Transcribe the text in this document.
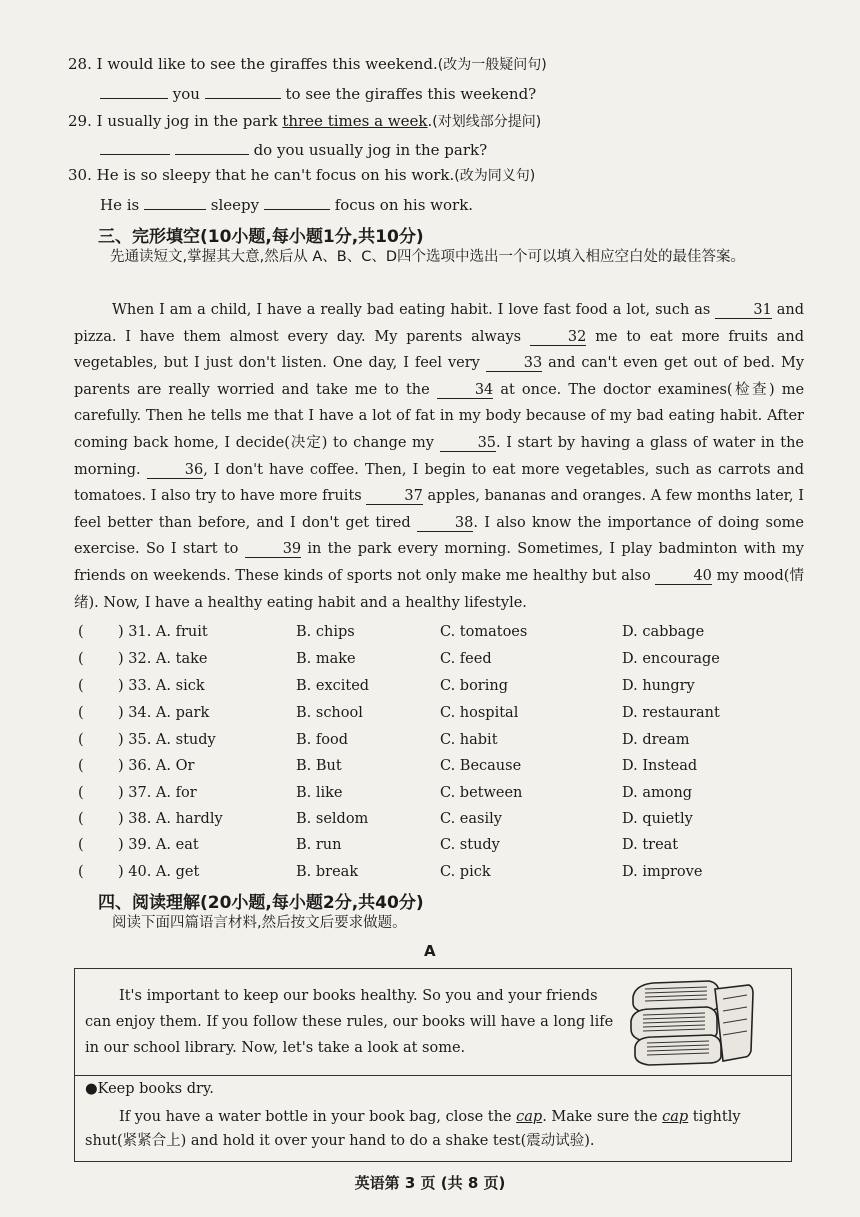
28. I would like to see the giraffes this weekend.(改为一般疑问句)
you	to see the giraffes this weekend?
29. I usually jog in the park three times a week.(对划线部分提问)
do you usually jog in the park?
30. He is so sleepy that he can't focus on his work.(改为同义句)
He is	sleepy	focus on his work.
三、完形填空(10小题,每小题1分,共10分)
先通读短文,掌握其大意,然后从 A、B、C、D四个选项中选出一个可以填入相应空白处的最佳答案。
When I am a child, I have a really bad eating habit. I love fast food a lot, such as	31 and pizza. I have them almost every day. My parents always	32 me to eat more fruits and vegetables, but I just don't listen. One day, I feel very	33 and can't even get out of bed. My parents are really worried and take me to the	34 at once. The doctor examines(检查) me carefully. Then he tells me that I have a lot of fat in my body because of my bad eating habit. After coming back home, I decide(决定) to change my	35. I start by having a glass of water in the morning.	36, I don't have coffee. Then, I begin to eat more vegetables, such as carrots and tomatoes. I also try to have more fruits	37 apples, bananas and oranges. A few months later, I feel better than before, and I don't get tired	38. I also know the importance of doing some exercise. So I start to	39 in the park every morning. Sometimes, I play badminton with my friends on weekends. These kinds of sports not only make me healthy but also	40 my mood(情绪). Now, I have a healthy eating habit and a healthy lifestyle.
( ) 31. A. fruit	B. chips	C. tomatoes	D. cabbage
( ) 32. A. take	B. make	C. feed	D. encourage
( ) 33. A. sick	B. excited	C. boring	D. hungry
( ) 34. A. park	B. school	C. hospital	D. restaurant
( ) 35. A. study	B. food	C. habit	D. dream
( ) 36. A. Or	B. But	C. Because	D. Instead
( ) 37. A. for	B. like	C. between	D. among
( ) 38. A. hardly	B. seldom	C. easily	D. quietly
( ) 39. A. eat	B. run	C. study	D. treat
( ) 40. A. get	B. break	C. pick	D. improve
四、阅读理解(20小题,每小题2分,共40分)
阅读下面四篇语言材料,然后按文后要求做题。
A
It's important to keep our books healthy. So you and your friends can enjoy them. If you follow these rules, our books will have a long life in our school library. Now, let's take a look at some.
●Keep books dry.
If you have a water bottle in your book bag, close the cap. Make sure the cap tightly shut(紧紧合上) and hold it over your hand to do a shake test(震动试验).
英语第 3 页 (共 8 页)
